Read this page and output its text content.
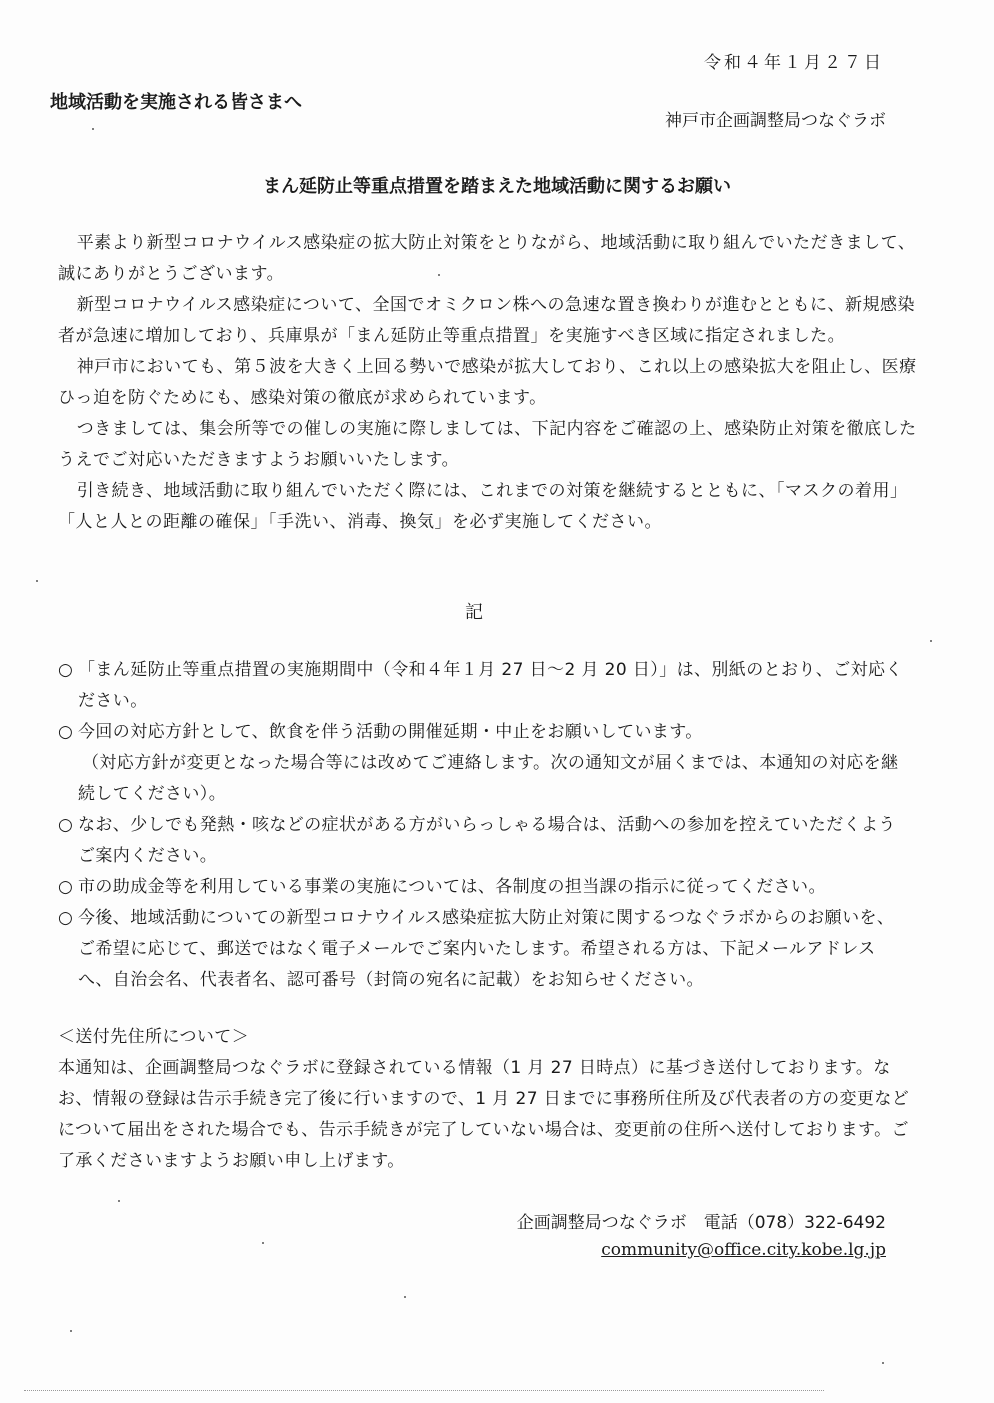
令和４年１月２７日
地域活動を実施される皆さまへ
神戸市企画調整局つなぐラボ
まん延防止等重点措置を踏まえた地域活動に関するお願い

平素より新型コロナウイルス感染症の拡大防止対策をとりながら、地域活動に取り組んでいただきまして、誠にありがとうございます。

新型コロナウイルス感染症について、全国でオミクロン株への急速な置き換わりが進むとともに、新規感染者が急速に増加しており、兵庫県が「まん延防止等重点措置」を実施すべき区域に指定されました。

神戸市においても、第５波を大きく上回る勢いで感染が拡大しており、これ以上の感染拡大を阻止し、医療ひっ迫を防ぐためにも、感染対策の徹底が求められています。

つきましては、集会所等での催しの実施に際しましては、下記内容をご確認の上、感染防止対策を徹底したうえでご対応いただきますようお願いいたします。

引き続き、地域活動に取り組んでいただく際には、これまでの対策を継続するとともに、「マスクの着用」「人と人との距離の確保」「手洗い、消毒、換気」を必ず実施してください。

記
○ 「まん延防止等重点措置の実施期間中（令和４年１月 27 日～2 月 20 日）」は、別紙のとおり、ご対応ください。
○ 今回の対応方針として、飲食を伴う活動の開催延期・中止をお願いしています。
（対応方針が変更となった場合等には改めてご連絡します。次の通知文が届くまでは、本通知の対応を継続してください）。
○ なお、少しでも発熱・咳などの症状がある方がいらっしゃる場合は、活動への参加を控えていただくようご案内ください。
○ 市の助成金等を利用している事業の実施については、各制度の担当課の指示に従ってください。
○ 今後、地域活動についての新型コロナウイルス感染症拡大防止対策に関するつなぐラボからのお願いを、ご希望に応じて、郵送ではなく電子メールでご案内いたします。希望される方は、下記メールアドレスへ、自治会名、代表者名、認可番号（封筒の宛名に記載）をお知らせください。

＜送付先住所について＞

本通知は、企画調整局つなぐラボに登録されている情報（1 月 27 日時点）に基づき送付しております。なお、情報の登録は告示手続き完了後に行いますので、1 月 27 日までに事務所住所及び代表者の方の変更などについて届出をされた場合でも、告示手続きが完了していない場合は、変更前の住所へ送付しております。ご了承くださいますようお願い申し上げます。

企画調整局つなぐラボ　電話（078）322-6492
community@office.city.kobe.lg.jp
